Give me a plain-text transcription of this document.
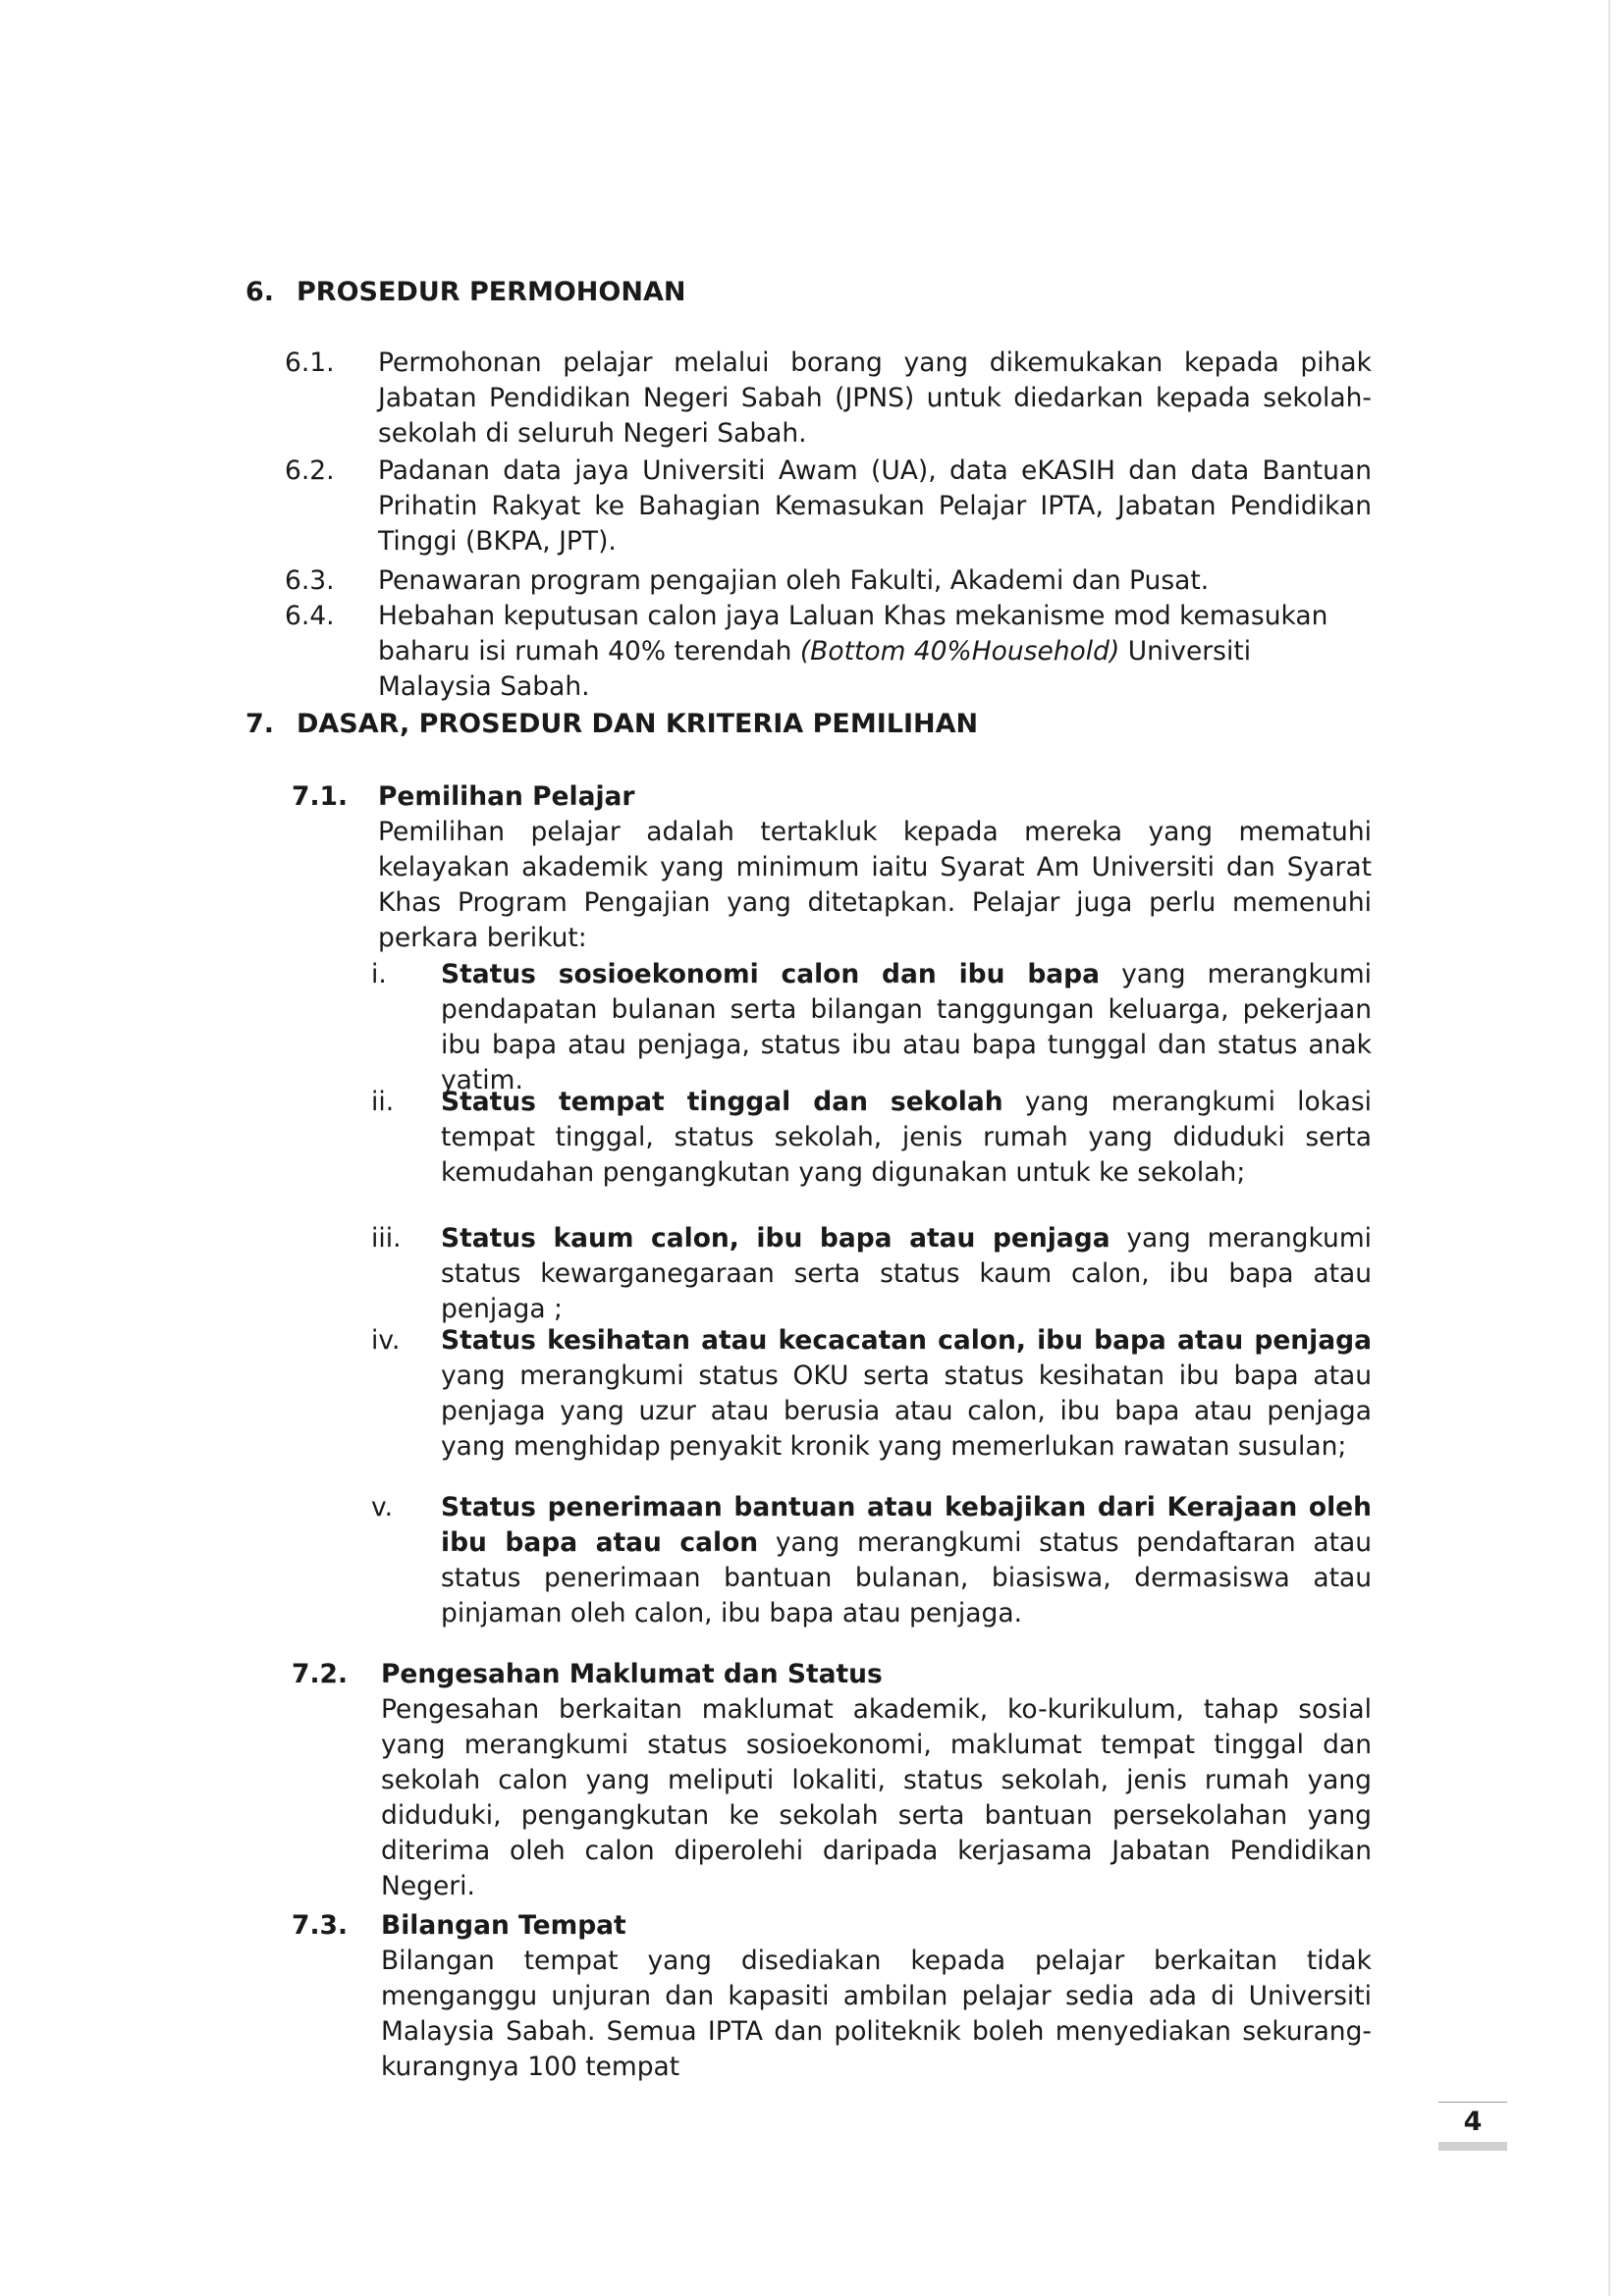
6. PROSEDUR PERMOHONAN
6.1. Permohonan pelajar melalui borang yang dikemukakan kepada pihak Jabatan Pendidikan Negeri Sabah (JPNS) untuk diedarkan kepada sekolah-sekolah di seluruh Negeri Sabah.

6.2. Padanan data jaya Universiti Awam (UA), data eKASIH dan data Bantuan Prihatin Rakyat ke Bahagian Kemasukan Pelajar IPTA, Jabatan Pendidikan Tinggi (BKPA, JPT).

6.3. Penawaran program pengajian oleh Fakulti, Akademi dan Pusat.

6.4. Hebahan keputusan calon jaya Laluan Khas mekanisme mod kemasukan baharu isi rumah 40% terendah (Bottom 40%Household) Universiti Malaysia Sabah.

7. DASAR, PROSEDUR DAN KRITERIA PEMILIHAN
7.1. Pemilihan Pelajar

Pemilihan pelajar adalah tertakluk kepada mereka yang mematuhi kelayakan akademik yang minimum iaitu Syarat Am Universiti dan Syarat Khas Program Pengajian yang ditetapkan. Pelajar juga perlu memenuhi perkara berikut:

i. Status sosioekonomi calon dan ibu bapa yang merangkumi pendapatan bulanan serta bilangan tanggungan keluarga, pekerjaan ibu bapa atau penjaga, status ibu atau bapa tunggal dan status anak yatim.

ii. Status tempat tinggal dan sekolah yang merangkumi lokasi tempat tinggal, status sekolah, jenis rumah yang diduduki serta kemudahan pengangkutan yang digunakan untuk ke sekolah;

iii. Status kaum calon, ibu bapa atau penjaga yang merangkumi status kewarganegaraan serta status kaum calon, ibu bapa atau penjaga ;

iv. Status kesihatan atau kecacatan calon, ibu bapa atau penjaga yang merangkumi status OKU serta status kesihatan ibu bapa atau penjaga yang uzur atau berusia atau calon, ibu bapa atau penjaga yang menghidap penyakit kronik yang memerlukan rawatan susulan;

v. Status penerimaan bantuan atau kebajikan dari Kerajaan oleh ibu bapa atau calon yang merangkumi status pendaftaran atau status penerimaan bantuan bulanan, biasiswa, dermasiswa atau pinjaman oleh calon, ibu bapa atau penjaga.

7.2. Pengesahan Maklumat dan Status

Pengesahan berkaitan maklumat akademik, ko-kurikulum, tahap sosial yang merangkumi status sosioekonomi, maklumat tempat tinggal dan sekolah calon yang meliputi lokaliti, status sekolah, jenis rumah yang diduduki, pengangkutan ke sekolah serta bantuan persekolahan yang diterima oleh calon diperolehi daripada kerjasama Jabatan Pendidikan Negeri.

7.3. Bilangan Tempat

Bilangan tempat yang disediakan kepada pelajar berkaitan tidak menganggu unjuran dan kapasiti ambilan pelajar sedia ada di Universiti Malaysia Sabah. Semua IPTA dan politeknik boleh menyediakan sekurang-kurangnya 100 tempat

4
